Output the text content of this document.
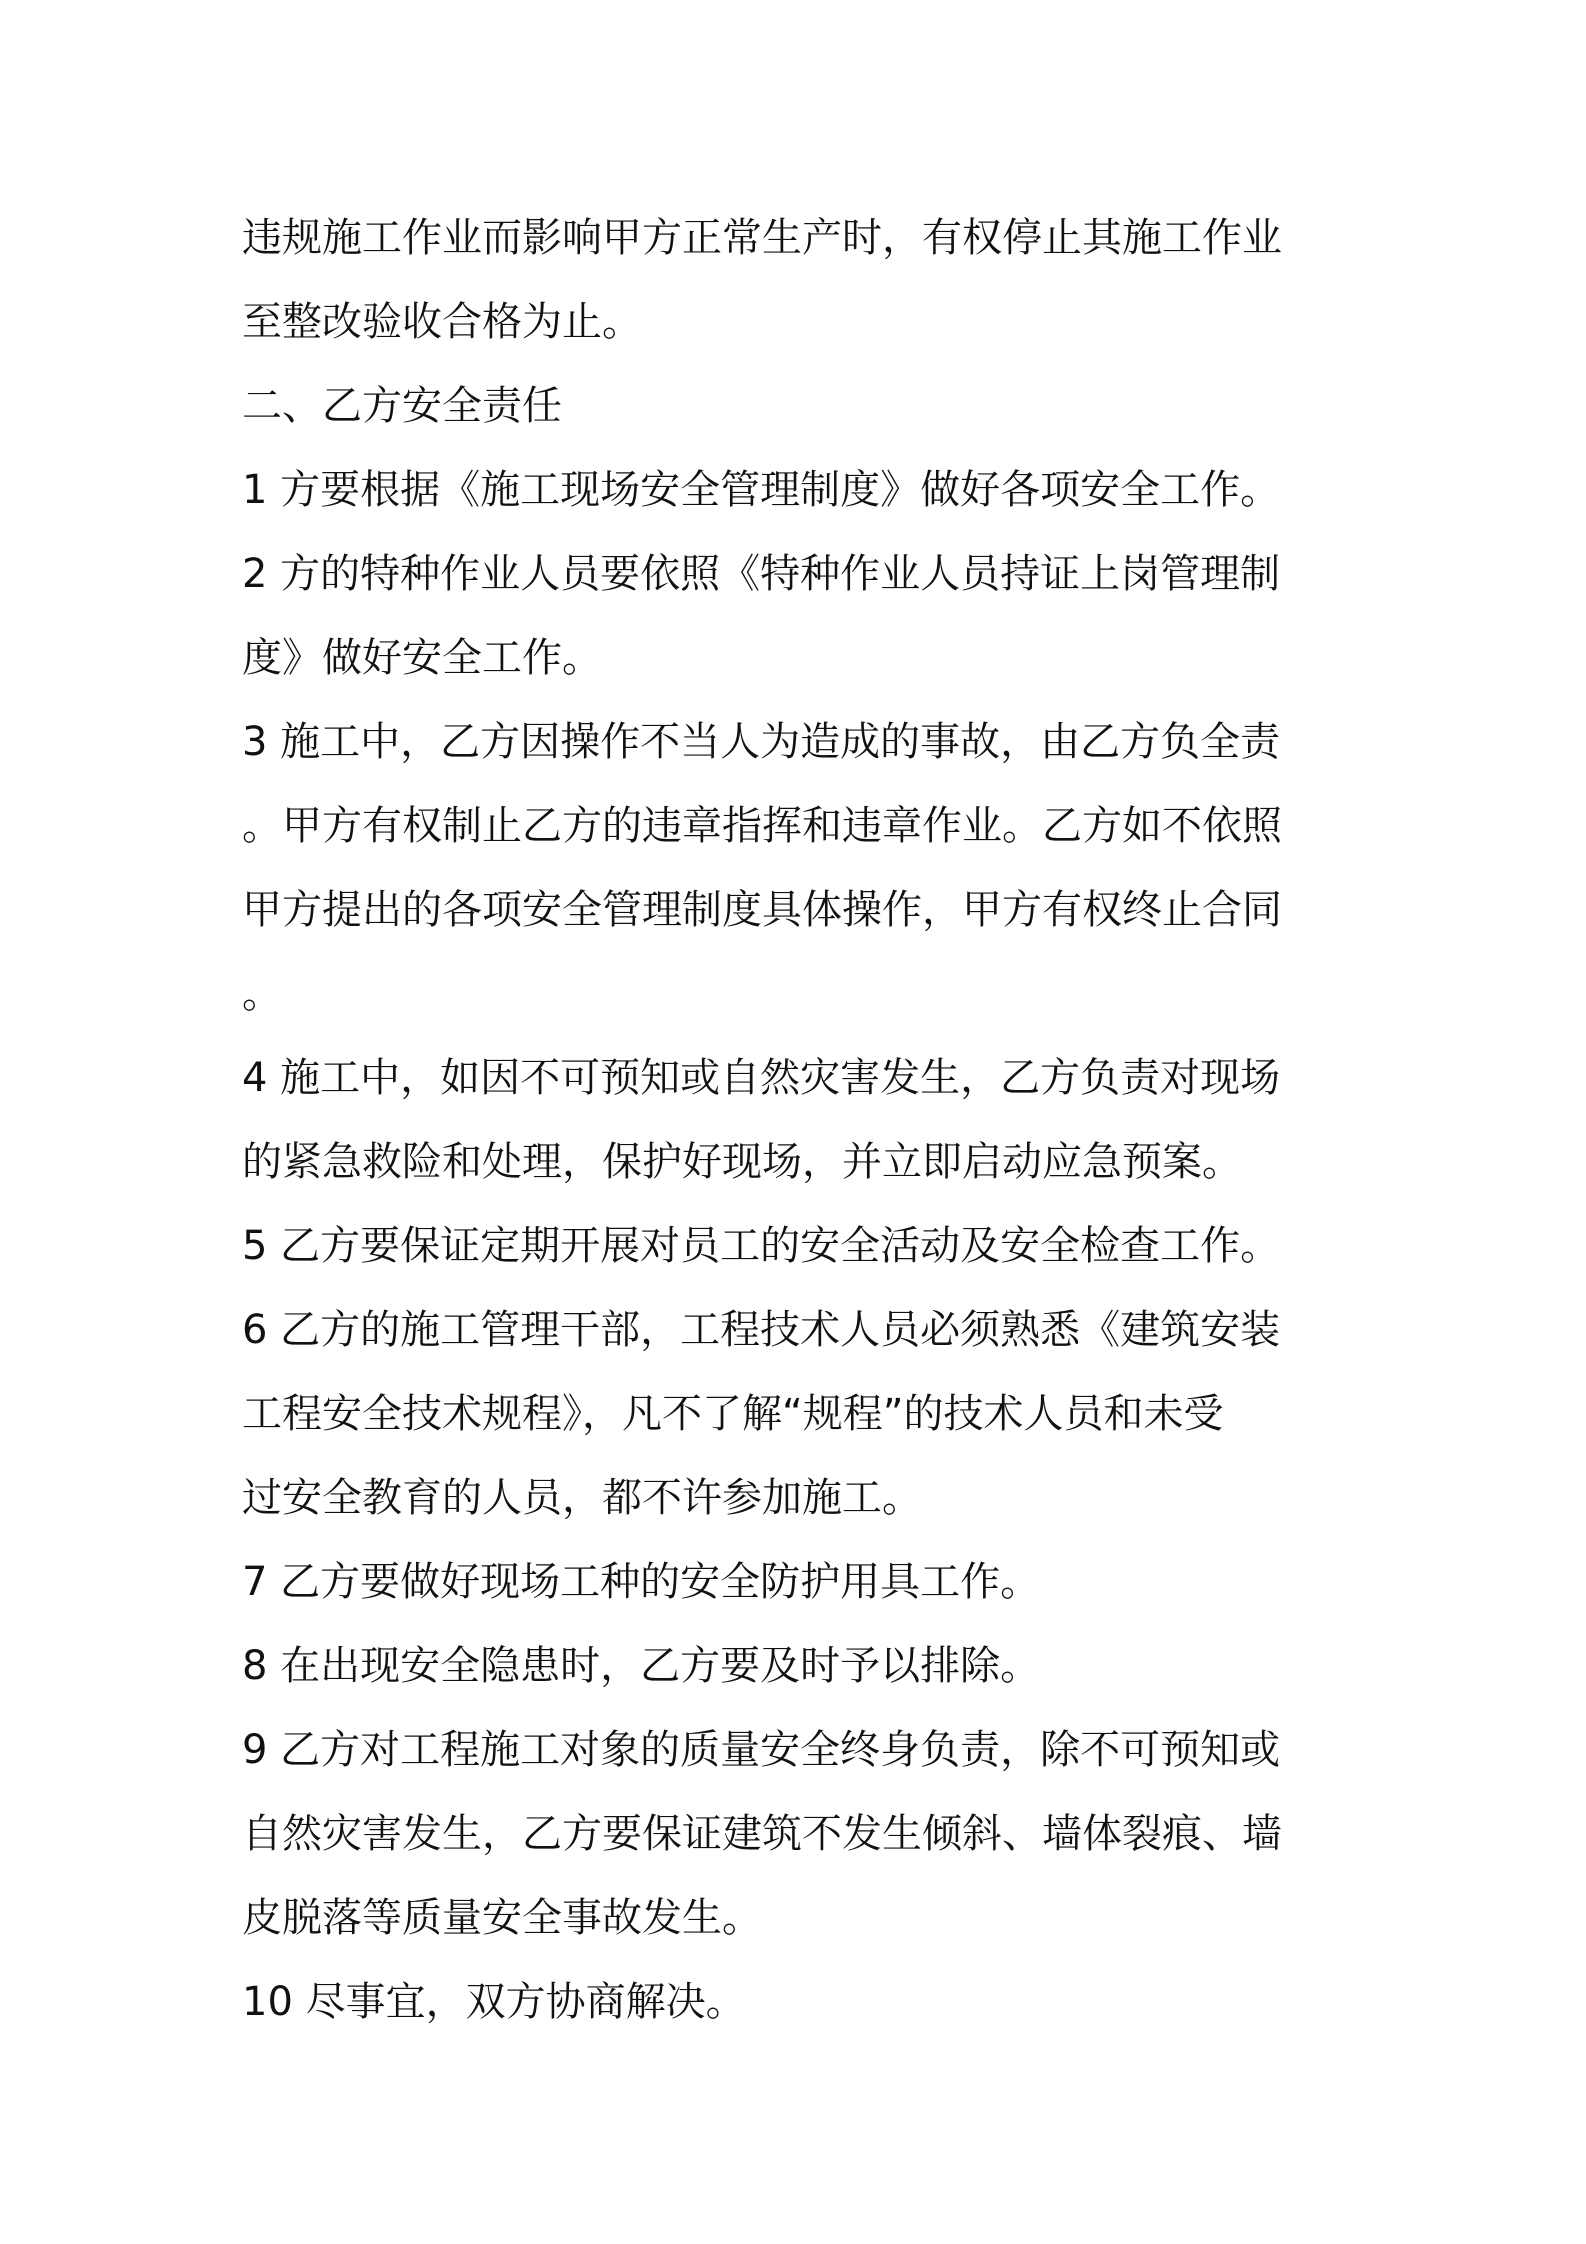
违规施工作业而影响甲方正常生产时，有权停止其施工作业
至整改验收合格为止。
二、乙方安全责任
1 方要根据《施工现场安全管理制度》做好各项安全工作。
2 方的特种作业人员要依照《特种作业人员持证上岗管理制
度》做好安全工作。
3 施工中，乙方因操作不当人为造成的事故，由乙方负全责
。甲方有权制止乙方的违章指挥和违章作业。乙方如不依照
甲方提出的各项安全管理制度具体操作，甲方有权终止合同
。
4 施工中，如因不可预知或自然灾害发生，乙方负责对现场
的紧急救险和处理，保护好现场，并立即启动应急预案。
5 乙方要保证定期开展对员工的安全活动及安全检查工作。
6 乙方的施工管理干部，工程技术人员必须熟悉《建筑安装
工程安全技术规程》，凡不了解“规程”的技术人员和未受
过安全教育的人员，都不许参加施工。
7 乙方要做好现场工种的安全防护用具工作。
8 在出现安全隐患时，乙方要及时予以排除。
9 乙方对工程施工对象的质量安全终身负责，除不可预知或
自然灾害发生，乙方要保证建筑不发生倾斜、墙体裂痕、墙
皮脱落等质量安全事故发生。
10 尽事宜，双方协商解决。
